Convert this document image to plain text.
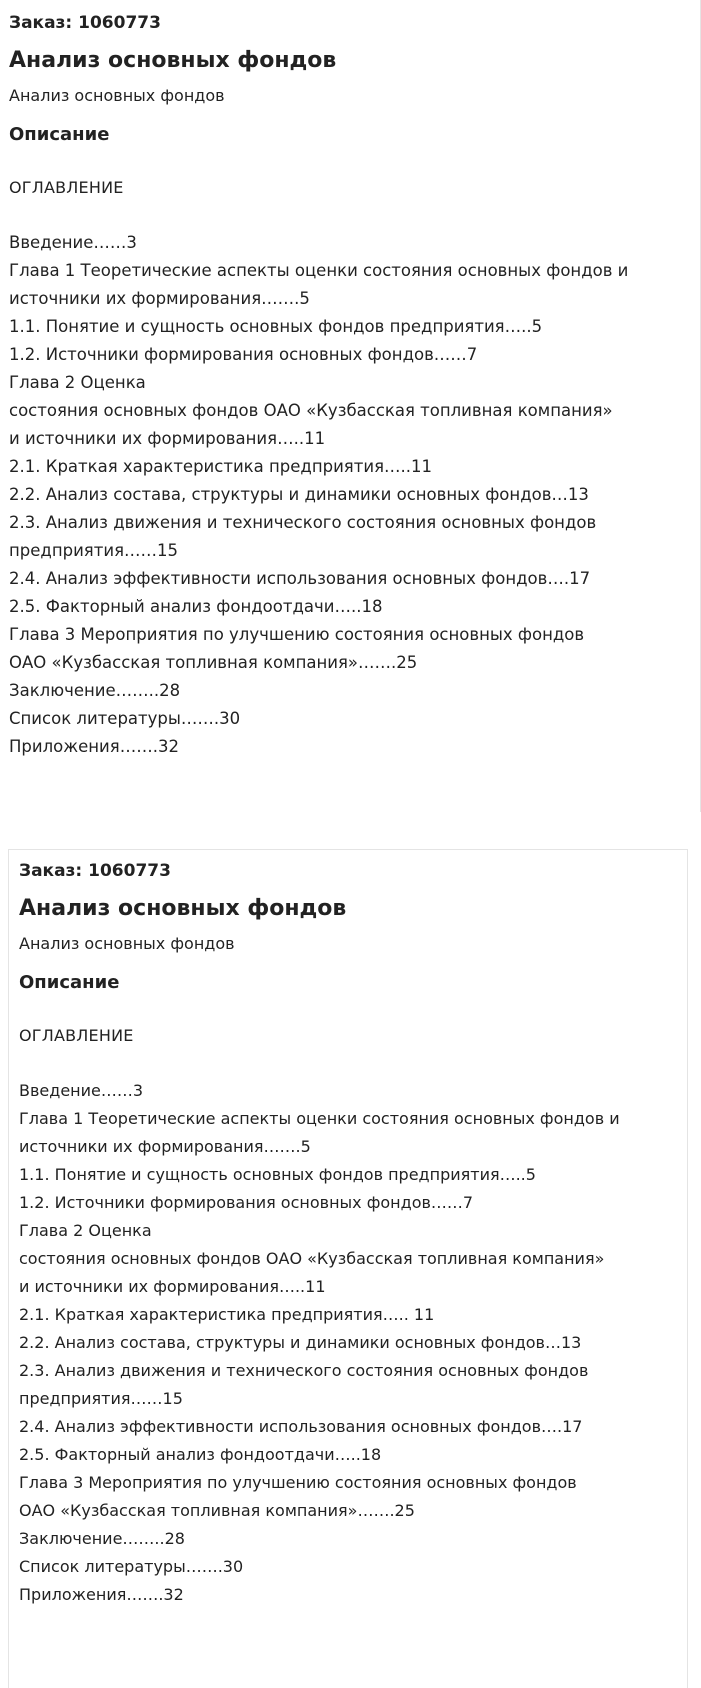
Заказ: 1060773
Анализ основных фондов
Анализ основных фондов
Описание
ОГЛАВЛЕНИЕ
Введение……3
Глава 1 Теоретические аспекты оценки состояния основных фондов и
источники их формирования…….5
1.1. Понятие и сущность основных фондов предприятия…..5
1.2. Источники формирования основных фондов……7
Глава 2 Оценка
состояния основных фондов ОАО «Кузбасская топливная компания»
и источники их формирования…..11
2.1. Краткая характеристика предприятия…..11
2.2. Анализ состава, структуры и динамики основных фондов…13
2.3. Анализ движения и технического состояния основных фондов
предприятия……15
2.4. Анализ эффективности использования основных фондов….17
2.5. Факторный анализ фондоотдачи…..18
Глава 3 Мероприятия по улучшению состояния основных фондов
ОАО «Кузбасская топливная компания»…….25
Заключение……..28
Список литературы…….30
Приложения…….32
Заказ: 1060773
Анализ основных фондов
Анализ основных фондов
Описание
ОГЛАВЛЕНИЕ
Введение……3
Глава 1 Теоретические аспекты оценки состояния основных фондов и
источники их формирования…….5
1.1. Понятие и сущность основных фондов предприятия…..5
1.2. Источники формирования основных фондов……7
Глава 2 Оценка
состояния основных фондов ОАО «Кузбасская топливная компания»
и источники их формирования…..11
2.1. Краткая характеристика предприятия….. 11
2.2. Анализ состава, структуры и динамики основных фондов…13
2.3. Анализ движения и технического состояния основных фондов
предприятия……15
2.4. Анализ эффективности использования основных фондов….17
2.5. Факторный анализ фондоотдачи…..18
Глава 3 Мероприятия по улучшению состояния основных фондов
ОАО «Кузбасская топливная компания»…….25
Заключение……..28
Список литературы…….30
Приложения…….32
